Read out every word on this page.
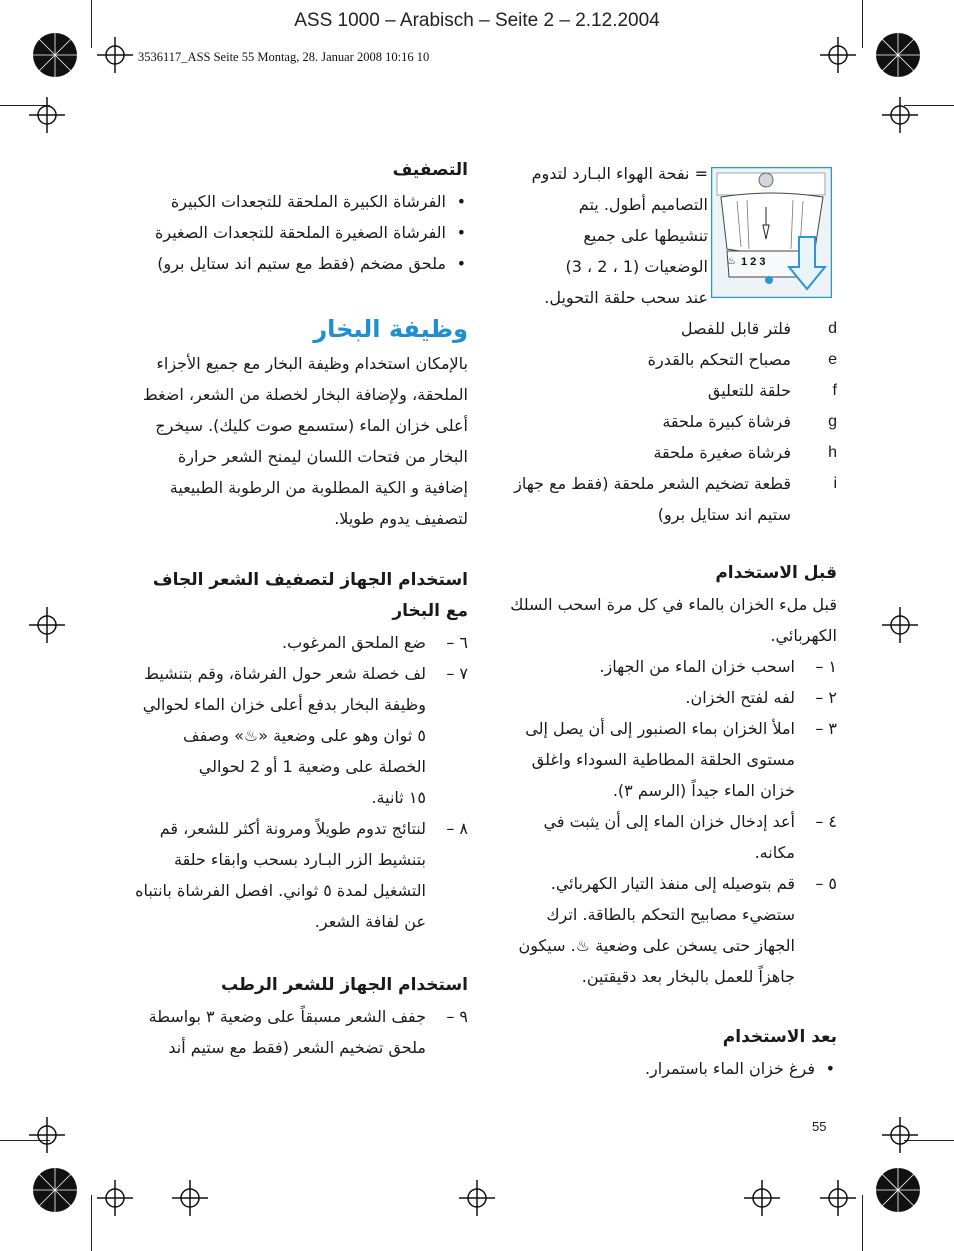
ASS 1000 – Arabisch – Seite 2 – 2.12.2004
3536117_ASS Seite 55 Montag, 28. Januar 2008 10:16 10

= نفحة الهواء البـارد لتدوم

التصاميم أطول. يتم

تنشيطها على جميع

الوضعيات (1 ، 2 ، 3)

عند سحب حلقة التحويل.

♨ 1 2 3

d
فلتر قابل للفصل

e
مصباح التحكم بالقدرة

f
حلقة للتعليق

g
فرشاة كبيرة ملحقة

h
فرشاة صغيرة ملحقة

i
قطعة تضخيم الشعر ملحقة (فقط مع جهاز

ستيم اند ستايل برو)

قبل الاستخدام

قبل ملء الخزان بالماء في كل مرة اسحب السلك

الكهربائي.

١ –

اسحب خزان الماء من الجهاز.

٢ –

لفه لفتح الخزان.

٣ –

املأ الخزان بماء الصنبور إلى أن يصل إلى

مستوى الحلقة المطاطية السوداء واغلق

خزان الماء جيداً (الرسم ٣).

٤ –

أعد إدخال خزان الماء إلى أن يثبت في

مكانه.

٥ –

قم بتوصيله إلى منفذ التيار الكهربائي.

ستضيء مصابيح التحكم بالطاقة. اترك

الجهاز حتى يسخن على وضعية ♨. سيكون

جاهزاً للعمل بالبخار بعد دقيقتين.

بعد الاستخدام

• فرغ خزان الماء باستمرار.

التصفيف

• الفرشاة الكبيرة الملحقة للتجعدات الكبيرة

• الفرشاة الصغيرة الملحقة للتجعدات الصغيرة

• ملحق مضخم (فقط مع ستيم اند ستايل برو)

وظيفة البخار

بالإمكان استخدام وظيفة البخار مع جميع الأجزاء

الملحقة، ولإضافة البخار لخصلة من الشعر، اضغط

أعلى خزان الماء (ستسمع صوت كليك). سيخرج

البخار من فتحات اللسان ليمنح الشعر حرارة

إضافية و الكية المطلوبة من الرطوبة الطبيعية

لتصفيف يدوم طويلا.

استخدام الجهاز لتصفيف الشعر الجاف

مع البخار

٦ –

ضع الملحق المرغوب.

٧ –

لف خصلة شعر حول الفرشاة، وقم بتنشيط

وظيفة البخار بدفع أعلى خزان الماء لحوالي

٥ ثوان وهو على وضعية «♨» وصفف

الخصلة على وضعية 1 أو 2 لحوالي

١٥ ثانية.

٨ –

لنتائج تدوم طويلاً ومرونة أكثر للشعر، قم

بتنشيط الزر البـارد بسحب وابقاء حلقة

التشغيل لمدة ٥ ثواني. افصل الفرشاة بانتباه

عن لفافة الشعر.

استخدام الجهاز للشعر الرطب

٩ –

جفف الشعر مسبقاً على وضعية ٣ بواسطة

ملحق تضخيم الشعر (فقط مع ستيم أند

55
